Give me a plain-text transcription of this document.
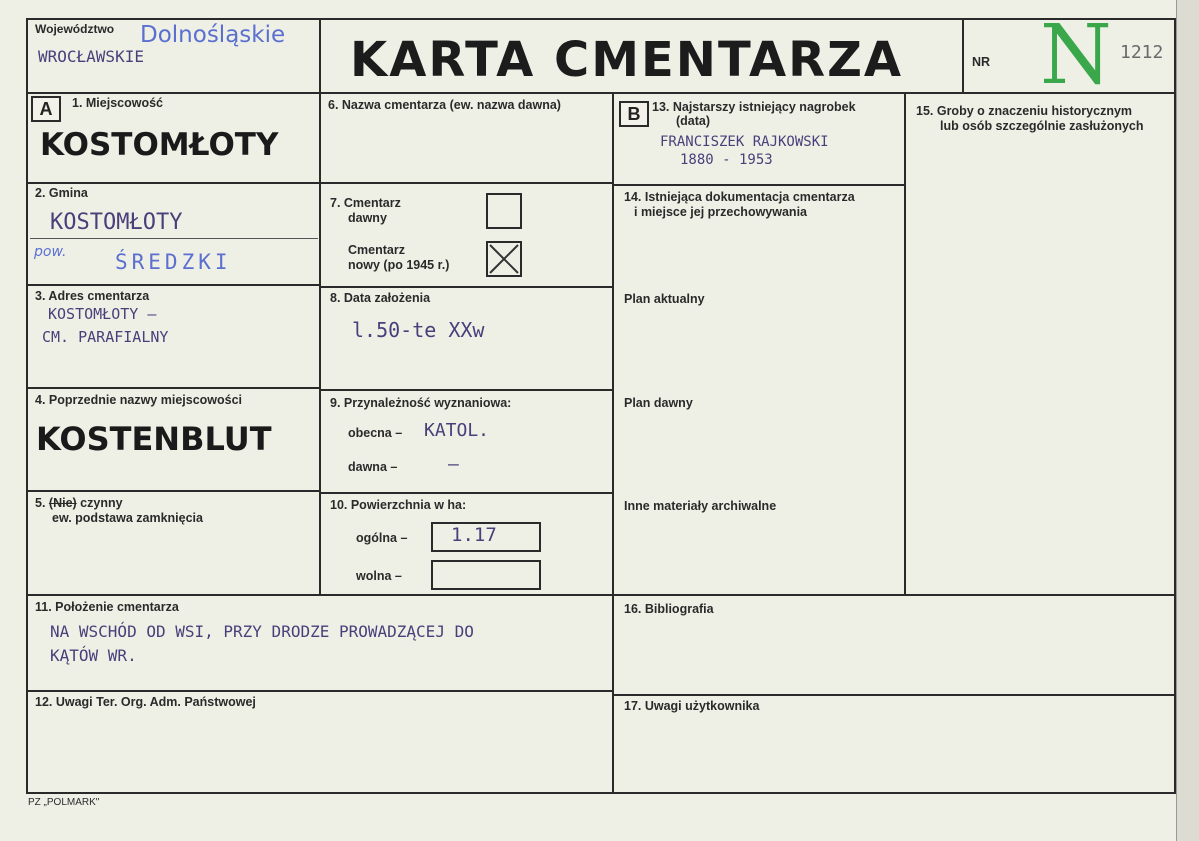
Województwo Dolnośląskie
WROCŁAWSKIE	KARTA CMENTARZA	NR N 1212
A	1. Miejscowość
KOSTOMŁOTY
2. Gmina
KOSTOMŁOTY
pow. ŚREDZKI
3. Adres cmentarza
KOSTOMŁOTY —
CM. PARAFIALNY
4. Poprzednie nazwy miejscowości
KOSTENBLUT
5. (Nie) czynny
ew. podstawa zamknięcia
6. Nazwa cmentarza (ew. nazwa dawna)
7. Cmentarz
dawny
Cmentarz
nowy (po 1945 r.)
8. Data założenia
l.50-te XXw
9. Przynależność wyznaniowa:
obecna – KATOL.
dawna –	–
10. Powierzchnia w ha:
ogólna – 1.17
wolna –
11. Położenie cmentarza
NA WSCHÓD OD WSI, PRZY DRODZE PROWADZĄCEJ DO
KĄTÓW WR.
12. Uwagi Ter. Org. Adm. Państwowej
B 13. Najstarszy istniejący nagrobek
(data)
FRANCISZEK RAJKOWSKI
1880 - 1953
14. Istniejąca dokumentacja cmentarza
i miejsce jej przechowywania
Plan aktualny
Plan dawny
Inne materiały archiwalne
15. Groby o znaczeniu historycznym
lub osób szczególnie zasłużonych
16. Bibliografia
17. Uwagi użytkownika
PZ „POLMARK"
